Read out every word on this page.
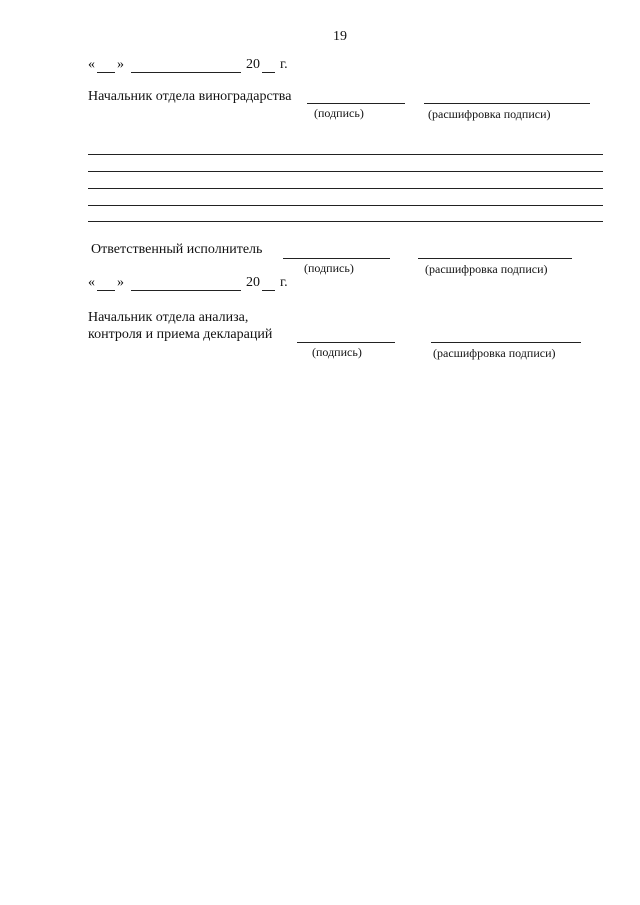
19
« »	20 г.
Начальник отдела виноградарства
(подпись)	(расшифровка подписи)
Ответственный исполнитель
(подпись)	(расшифровка подписи)
« »	20 г.
Начальник отдела анализа,
контроля и приема деклараций
(подпись)	(расшифровка подписи)
